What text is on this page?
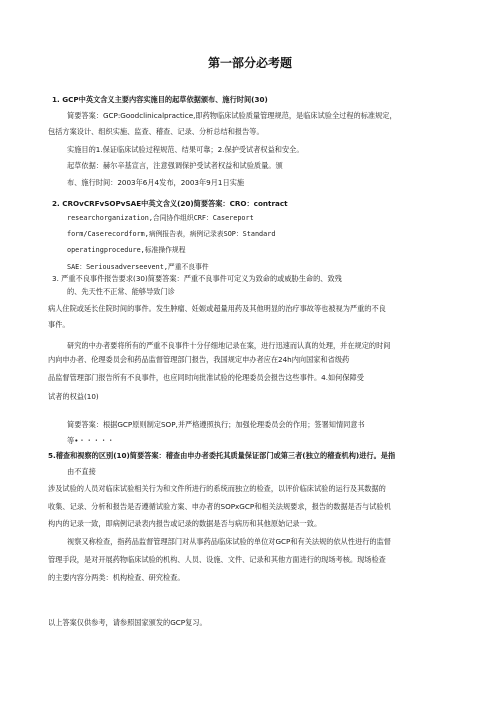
第一部分必考题

1. GCP中英文含义主要内容实施目的起草依据颁布、施行时间(30)

简要答案：GCP:Goodclinicalpractice,即药物临床试验质量管理规范，是临床试验全过程的标准规定，

包括方案设计、组织实施、监查、稽查、记录、分析总结和报告等。

实施目的1.保证临床试验过程规范、结果可靠；2.保护受试者权益和安全。

起草依据：赫尔辛基宣言，注意强调保护受试者权益和试验质量。颁

布、施行时间：2003年6月4发布，2003年9月1日实施

2. CROvCRFvSOPvSAE中英文含义(20)简要答案：CRO：contract

researchorganization,合同协作组织CRF：Casereport

form/Caserecordform,病例报告表，病例记录表SOP：Standard

operatingprocedure,标准操作规程

SAE：Seriousadverseevent,严重不良事件

3. 严重不良事件报告要求(30)简要答案：严重不良事件可定义为致命的或威胁生命的、致残

的、先天性不正常、能够导致门诊

病人住院或延长住院时间的事件。发生肿瘤、妊娠或超量用药及其他明显的治疗事故等也被视为严重的不良

事件。

研究的中办者要将所有的严重不良事件十分仔细地记录在案，进行迅速而认真的处理，并在规定的时间

内向申办者、伦理委员会和药品监督管理部门报告，我国规定申办者应在24h内向国家和省级药

品监督管理部门报告所有不良事件，也应同时向批准试验的伦理委员会报告这些事件。4.如何保障受

试者的权益(10)

简要答案：根据GCP原则制定SOP,并严格遵照执行；加强伦理委员会的作用；签署知情同意书

等•・・・・・

5.稽查和视察的区别(10)简要答案：稽查由申办者委托其质量保证部门或第三者(独立的稽查机构)进行。是指

由不直接

涉及试验的人员对临床试验相关行为和文件所进行的系统而独立的检查，以评价临床试验的运行及其数据的

收集、记录、分析和报告是否遵循试验方案、申办者的SOPxGCP和相关法规要求，报告的数据是否与试验机

构内的记录一致，即病例记录表内报告或记录的数据是否与病历和其他原始记录一致。

视察又称检查，指药品监督管理部门对从事药品临床试验的单位对GCP和有关法规的依从性进行的监督

管理手段，是对开展药物临床试验的机构、人员、设施、文件、记录和其他方面进行的现场考核。现场检查

的主要内容分两类：机构检查、研究检查。

以上答案仅供参考，请参照国家颁发的GCP复习。
